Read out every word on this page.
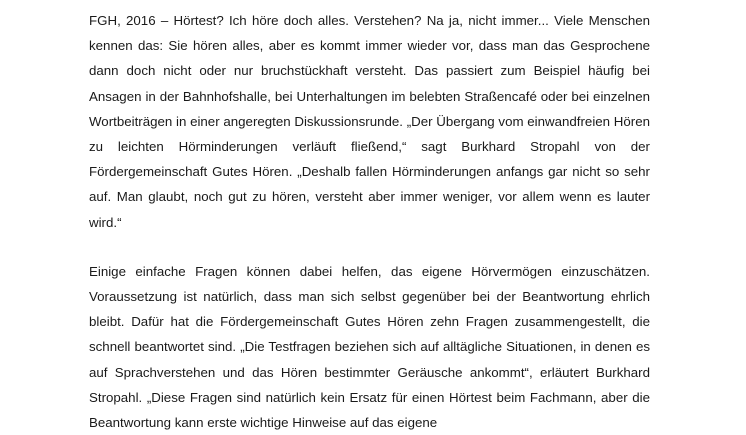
FGH, 2016 – Hörtest? Ich höre doch alles. Verstehen? Na ja, nicht immer... Viele Menschen kennen das: Sie hören alles, aber es kommt immer wieder vor, dass man das Gesprochene dann doch nicht oder nur bruchstückhaft versteht. Das passiert zum Beispiel häufig bei Ansagen in der Bahnhofshalle, bei Unterhaltungen im belebten Straßencafé oder bei einzelnen Wortbeiträgen in einer angeregten Diskussionsrunde. „Der Übergang vom einwandfreien Hören zu leichten Hörminderungen verläuft fließend,“ sagt Burkhard Stropahl von der Fördergemeinschaft Gutes Hören. „Deshalb fallen Hörminderungen anfangs gar nicht so sehr auf. Man glaubt, noch gut zu hören, versteht aber immer weniger, vor allem wenn es lauter wird.“

Einige einfache Fragen können dabei helfen, das eigene Hörvermögen einzuschätzen. Voraussetzung ist natürlich, dass man sich selbst gegenüber bei der Beantwortung ehrlich bleibt. Dafür hat die Fördergemeinschaft Gutes Hören zehn Fragen zusammengestellt, die schnell beantwortet sind. „Die Testfragen beziehen sich auf alltägliche Situationen, in denen es auf Sprachverstehen und das Hören bestimmter Geräusche ankommt“, erläutert Burkhard Stropahl. „Diese Fragen sind natürlich kein Ersatz für einen Hörtest beim Fachmann, aber die Beantwortung kann erste wichtige Hinweise auf das eigene
